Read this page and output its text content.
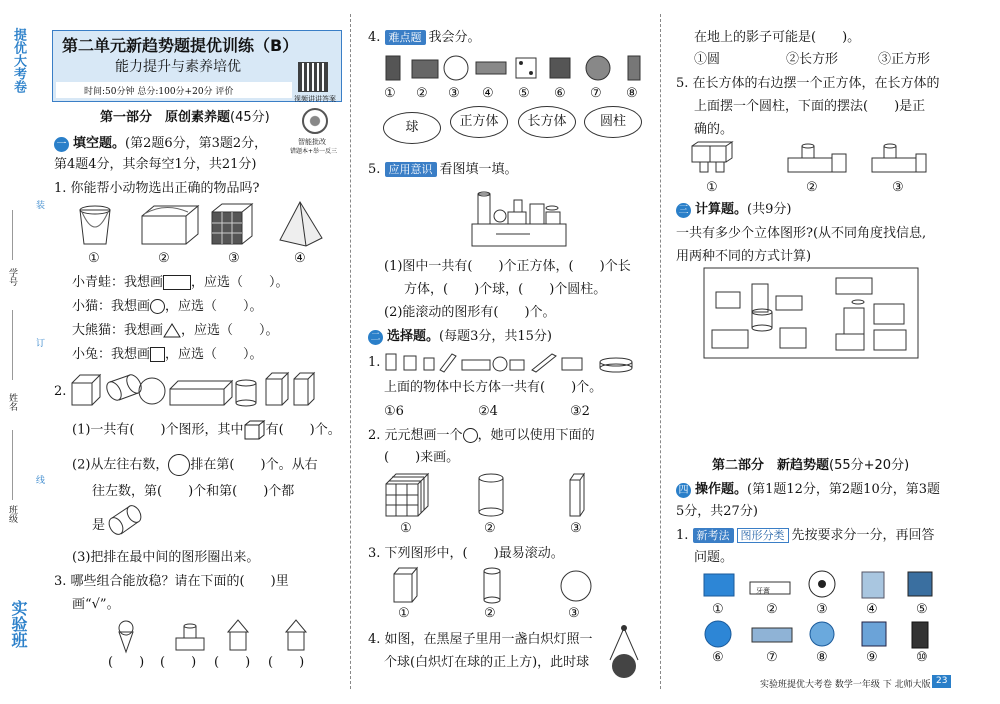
提优大考卷
装
学号
订
姓名
线
班级
实验班
第二单元新趋势题提优训练（B）
能力提升与素养培优
时间:50分钟 总分:100分+20分 评价
视频讲讲答案
智能批改
错题本+举一反三
第一部分　原创素养题(45分)
一 填空题。(第2题6分，第3题2分，
第4题4分，其余每空1分，共21分)
1. 你能帮小动物选出正确的物品吗?
①	②	③	④
小青蛙：我想画 ，应选（　　）。
小猫：我想画 ，应选（　　）。
大熊猫：我想画 ，应选（　　）。
小兔：我想画 ，应选（　　）。
2.
(1)一共有(　　)个图形，其中 有(　　)个。
(2)从左往右数， 排在第(　　)个。从右
往左数，第(　　)个和第(　　)个都
是
(3)把排在最中间的图形圈出来。
3. 哪些组合能放稳？请在下面的(　　)里
画“√”。
(　　) (　　) (　　) (　　)
4. 难点题 我会分。
① ② ③ ④ ⑤ ⑥ ⑦ ⑧
球	正方体	长方体	圆柱
5. 应用意识 看图填一填。
(1)图中一共有(　　)个正方体，(　　)个长
方体，(　　)个球，(　　)个圆柱。
(2)能滚动的图形有(　　)个。
二 选择题。(每题3分，共15分)
1.
上面的物体中长方体一共有(　　)个。
①6	②4	③2
2. 元元想画一个 ，她可以使用下面的
(　　)来画。
①	②	③
3. 下列图形中，(　　)最易滚动。
①	②	③
4. 如图，在黑屋子里用一盏白炽灯照一
个球(白炽灯在球的正上方)，此时球
在地上的影子可能是(　　)。
①圆	②长方形	③正方形
5. 在长方体的右边摆一个正方体，在长方体的
上面摆一个圆柱，下面的摆法(　　)是正
确的。
①	②	③
三 计算题。(共9分)
一共有多少个立体图形?(从不同角度找信息,
用两种不同的方式计算)
第二部分　新趋势题(55分+20分)
四 操作题。(第1题12分，第2题10分，第3题
5分，共27分)
1. 新考法 图形分类 先按要求分一分，再回答
问题。
牙膏
①	②	③	④	⑤
⑥	⑦	⑧	⑨	⑩
实验班提优大考卷 数学一年级 下 北师大版 23
